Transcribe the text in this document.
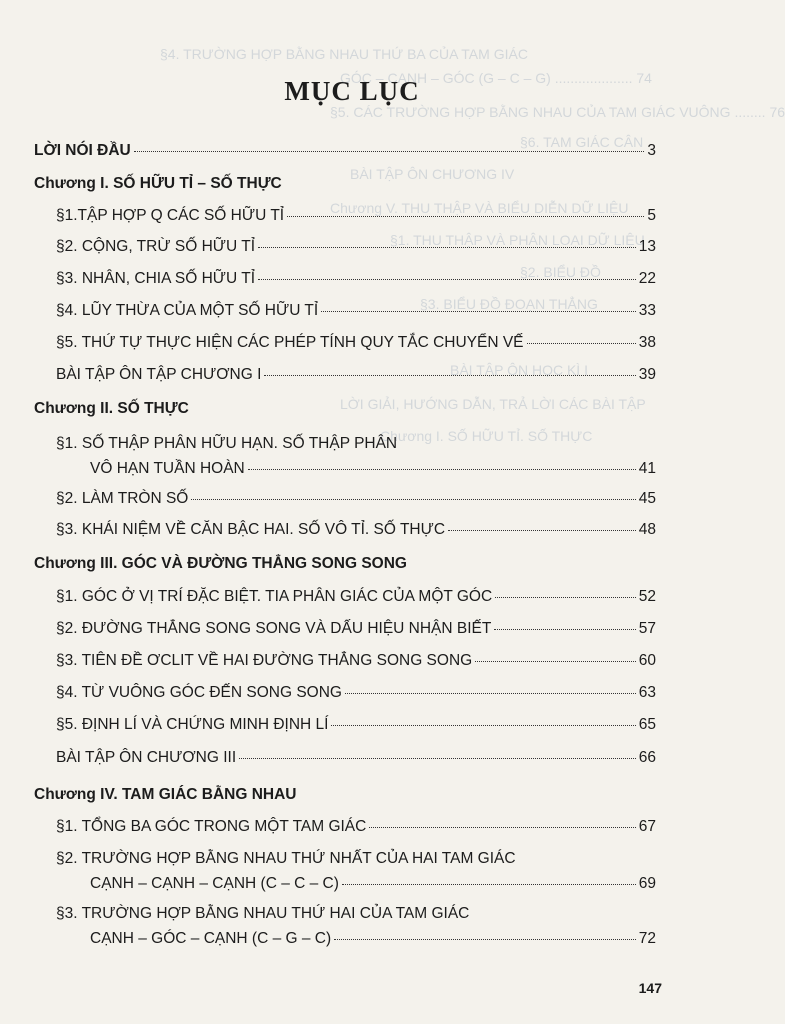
§4. TRƯỜNG HỢP BẰNG NHAU THỨ BA CỦA TAM GIÁC
GÓC – CẠNH – GÓC (G – C – G) .................... 74
§5. CÁC TRƯỜNG HỢP BẰNG NHAU CỦA TAM GIÁC VUÔNG ........ 76
§6. TAM GIÁC CÂN
BÀI TẬP ÔN CHƯƠNG IV
Chương V. THU THẬP VÀ BIỂU DIỄN DỮ LIỆU
§1. THU THẬP VÀ PHÂN LOẠI DỮ LIỆU
§2. BIỂU ĐỒ
§3. BIỂU ĐỒ ĐOẠN THẲNG
BÀI TẬP ÔN HỌC KÌ I
LỜI GIẢI, HƯỚNG DẪN, TRẢ LỜI CÁC BÀI TẬP
Chương I. SỐ HỮU TỈ. SỐ THỰC
MỤC LỤC
LỜI NÓI ĐẦU	3
Chương I. SỐ HỮU TỈ – SỐ THỰC
§1.TẬP HỢP Q CÁC SỐ HỮU TỈ	5
§2. CỘNG, TRỪ SỐ HỮU TỈ	13
§3. NHÂN, CHIA SỐ HỮU TỈ	22
§4. LŨY THỪA CỦA MỘT SỐ HỮU TỈ	33
§5. THỨ TỰ THỰC HIỆN CÁC PHÉP TÍNH QUY TẮC CHUYỂN VẾ	38
BÀI TẬP ÔN TẬP CHƯƠNG I	39
Chương II. SỐ THỰC
§1. SỐ THẬP PHÂN HỮU HẠN. SỐ THẬP PHÂN
VÔ HẠN TUẦN HOÀN	41
§2. LÀM TRÒN SỐ	45
§3. KHÁI NIỆM VỀ CĂN BẬC HAI. SỐ VÔ TỈ. SỐ THỰC	48
Chương III. GÓC VÀ ĐƯỜNG THẲNG SONG SONG
§1. GÓC Ở VỊ TRÍ ĐẶC BIỆT. TIA PHÂN GIÁC CỦA MỘT GÓC	52
§2. ĐƯỜNG THẲNG SONG SONG VÀ DẤU HIỆU NHẬN BIẾT	57
§3. TIÊN ĐỀ ƠCLIT VỀ HAI ĐƯỜNG THẲNG SONG SONG	60
§4. TỪ VUÔNG GÓC ĐẾN SONG SONG	63
§5. ĐỊNH LÍ VÀ CHỨNG MINH ĐỊNH LÍ	65
BÀI TẬP ÔN CHƯƠNG III	66
Chương IV. TAM GIÁC BẰNG NHAU
§1. TỔNG BA GÓC TRONG MỘT TAM GIÁC	67
§2. TRƯỜNG HỢP BẰNG NHAU THỨ NHẤT CỦA HAI TAM GIÁC
CẠNH – CẠNH – CẠNH (C – C – C)	69
§3. TRƯỜNG HỢP BẰNG NHAU THỨ HAI CỦA TAM GIÁC
CẠNH – GÓC – CẠNH (C – G – C)	72
147
